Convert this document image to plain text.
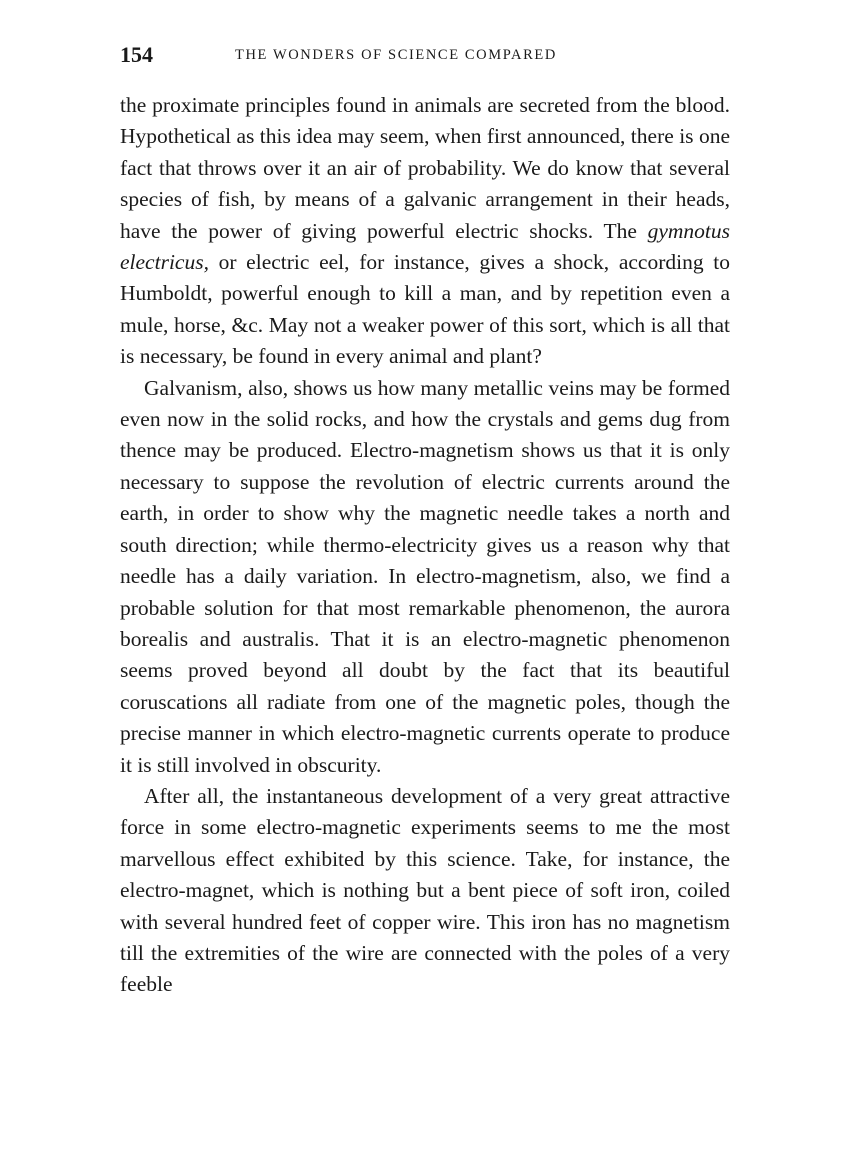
154	THE WONDERS OF SCIENCE COMPARED

the proximate principles found in animals are secreted from the blood. Hypothetical as this idea may seem, when first announced, there is one fact that throws over it an air of probability. We do know that several species of fish, by means of a galvanic arrangement in their heads, have the power of giving powerful electric shocks. The gymnotus electricus, or electric eel, for instance, gives a shock, according to Humboldt, powerful enough to kill a man, and by repetition even a mule, horse, &c. May not a weaker power of this sort, which is all that is necessary, be found in every animal and plant?

Galvanism, also, shows us how many metallic veins may be formed even now in the solid rocks, and how the crystals and gems dug from thence may be produced. Electro-magnetism shows us that it is only necessary to suppose the revolution of electric currents around the earth, in order to show why the magnetic needle takes a north and south direction; while thermo-electricity gives us a reason why that needle has a daily variation. In electro-magnetism, also, we find a probable solution for that most remarkable phenomenon, the aurora borealis and australis. That it is an electro-magnetic phenomenon seems proved beyond all doubt by the fact that its beautiful coruscations all radiate from one of the magnetic poles, though the precise manner in which electro-magnetic currents operate to produce it is still involved in obscurity.

After all, the instantaneous development of a very great attractive force in some electro-magnetic experiments seems to me the most marvellous effect exhibited by this science. Take, for instance, the electro-magnet, which is nothing but a bent piece of soft iron, coiled with several hundred feet of copper wire. This iron has no magnetism till the extremities of the wire are connected with the poles of a very feeble
